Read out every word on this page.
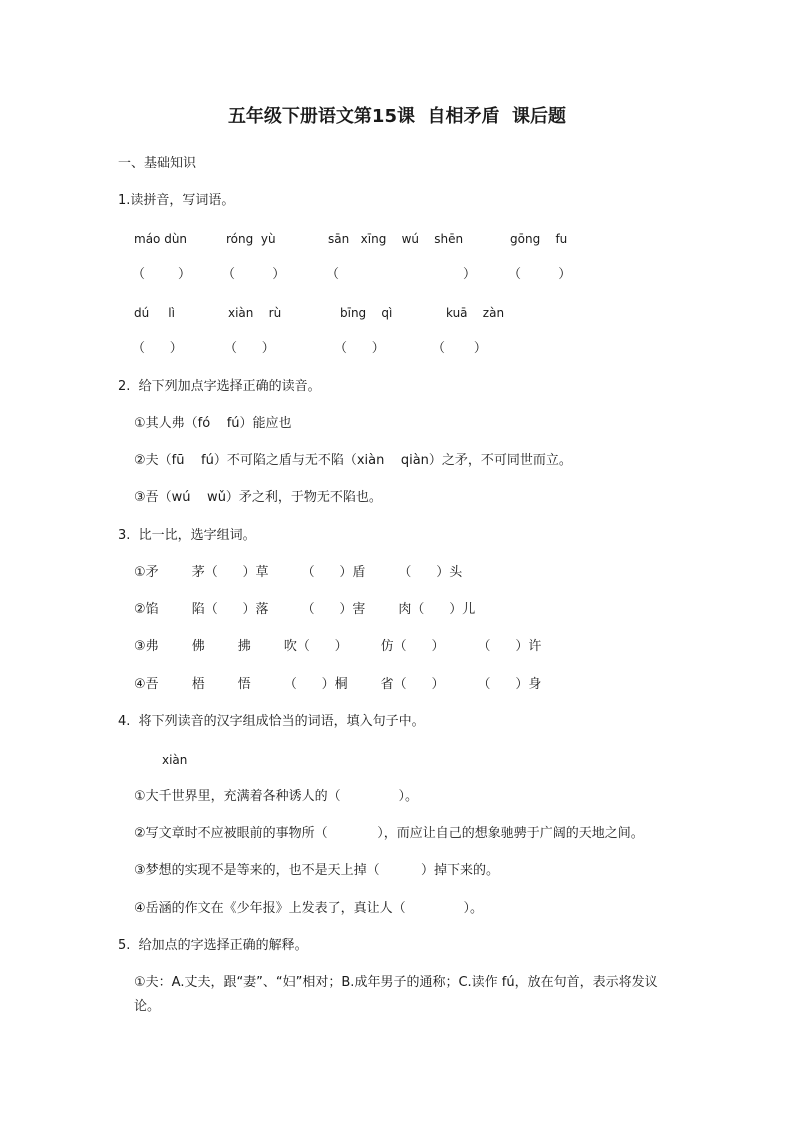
五年级下册语文第15课  自相矛盾  课后题
一、基础知识
1.读拼音，写词语。
máo dùn	róng  yù	sān   xīng    wú    shēn	gōng    fu
（        ） （         ）	（                              ） （         ）
dú     lì	xiàn    rù	bīng    qì	kuā    zàn
（      ）	（      ）	（      ）	（       ）
2.  给下列加点字选择正确的读音。
①其人弗（fó    fú）能应也
②夫（fū    fú）不可陷之盾与无不陷（xiàn    qiàn）之矛，不可同世而立。
③吾（wú    wǔ）矛之利，于物无不陷也。
3.  比一比，选字组词。
①矛        茅（      ）草        （      ）盾        （      ）头
②馅        陷（      ）落        （      ）害        肉（      ）儿
③弗        佛        拂        吹（      ）        仿（      ）        （      ）许
④吾        梧        悟        （      ）桐        省（      ）        （      ）身
4.  将下列读音的汉字组成恰当的词语，填入句子中。
xiàn
①大千世界里，充满着各种诱人的（              ）。
②写文章时不应被眼前的事物所（            ），而应让自己的想象驰骋于广阔的天地之间。
③梦想的实现不是等来的，也不是天上掉（          ）掉下来的。
④岳涵的作文在《少年报》上发表了，真让人（              ）。
5.  给加点的字选择正确的解释。
①夫：A.丈夫，跟“妻”、“妇”相对；B.成年男子的通称；C.读作 fú，放在句首，表示将发议论。
